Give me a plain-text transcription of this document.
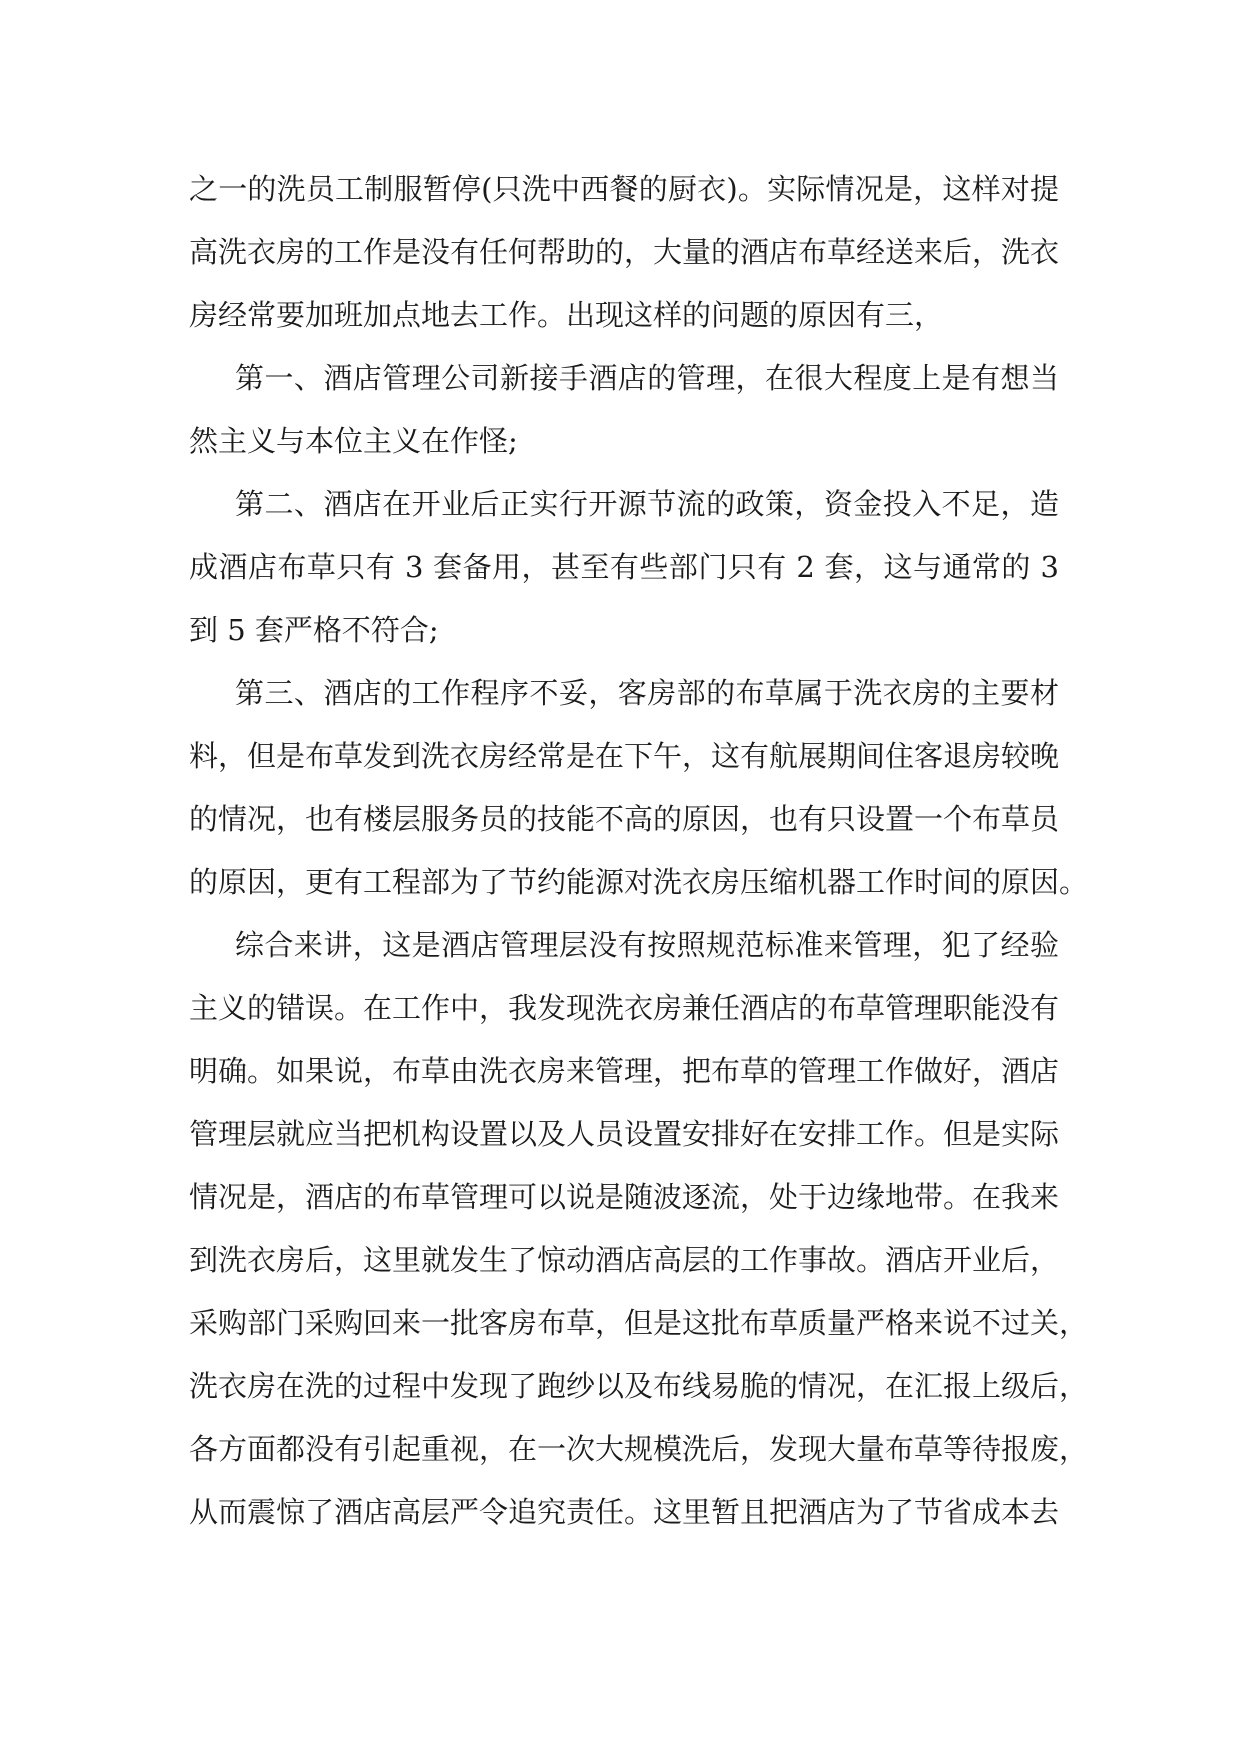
之一的洗员工制服暂停(只洗中西餐的厨衣)。实际情况是，这样对提
高洗衣房的工作是没有任何帮助的，大量的酒店布草经送来后，洗衣
房经常要加班加点地去工作。出现这样的问题的原因有三，
第一、酒店管理公司新接手酒店的管理，在很大程度上是有想当
然主义与本位主义在作怪;
第二、酒店在开业后正实行开源节流的政策，资金投入不足，造
成酒店布草只有 3 套备用，甚至有些部门只有 2 套，这与通常的 3
到 5 套严格不符合;
第三、酒店的工作程序不妥，客房部的布草属于洗衣房的主要材
料，但是布草发到洗衣房经常是在下午，这有航展期间住客退房较晚
的情况，也有楼层服务员的技能不高的原因，也有只设置一个布草员
的原因，更有工程部为了节约能源对洗衣房压缩机器工作时间的原因。
综合来讲，这是酒店管理层没有按照规范标准来管理，犯了经验
主义的错误。在工作中，我发现洗衣房兼任酒店的布草管理职能没有
明确。如果说，布草由洗衣房来管理，把布草的管理工作做好，酒店
管理层就应当把机构设置以及人员设置安排好在安排工作。但是实际
情况是，酒店的布草管理可以说是随波逐流，处于边缘地带。在我来
到洗衣房后，这里就发生了惊动酒店高层的工作事故。酒店开业后，
采购部门采购回来一批客房布草，但是这批布草质量严格来说不过关，
洗衣房在洗的过程中发现了跑纱以及布线易脆的情况，在汇报上级后，
各方面都没有引起重视，在一次大规模洗后，发现大量布草等待报废，
从而震惊了酒店高层严令追究责任。这里暂且把酒店为了节省成本去
